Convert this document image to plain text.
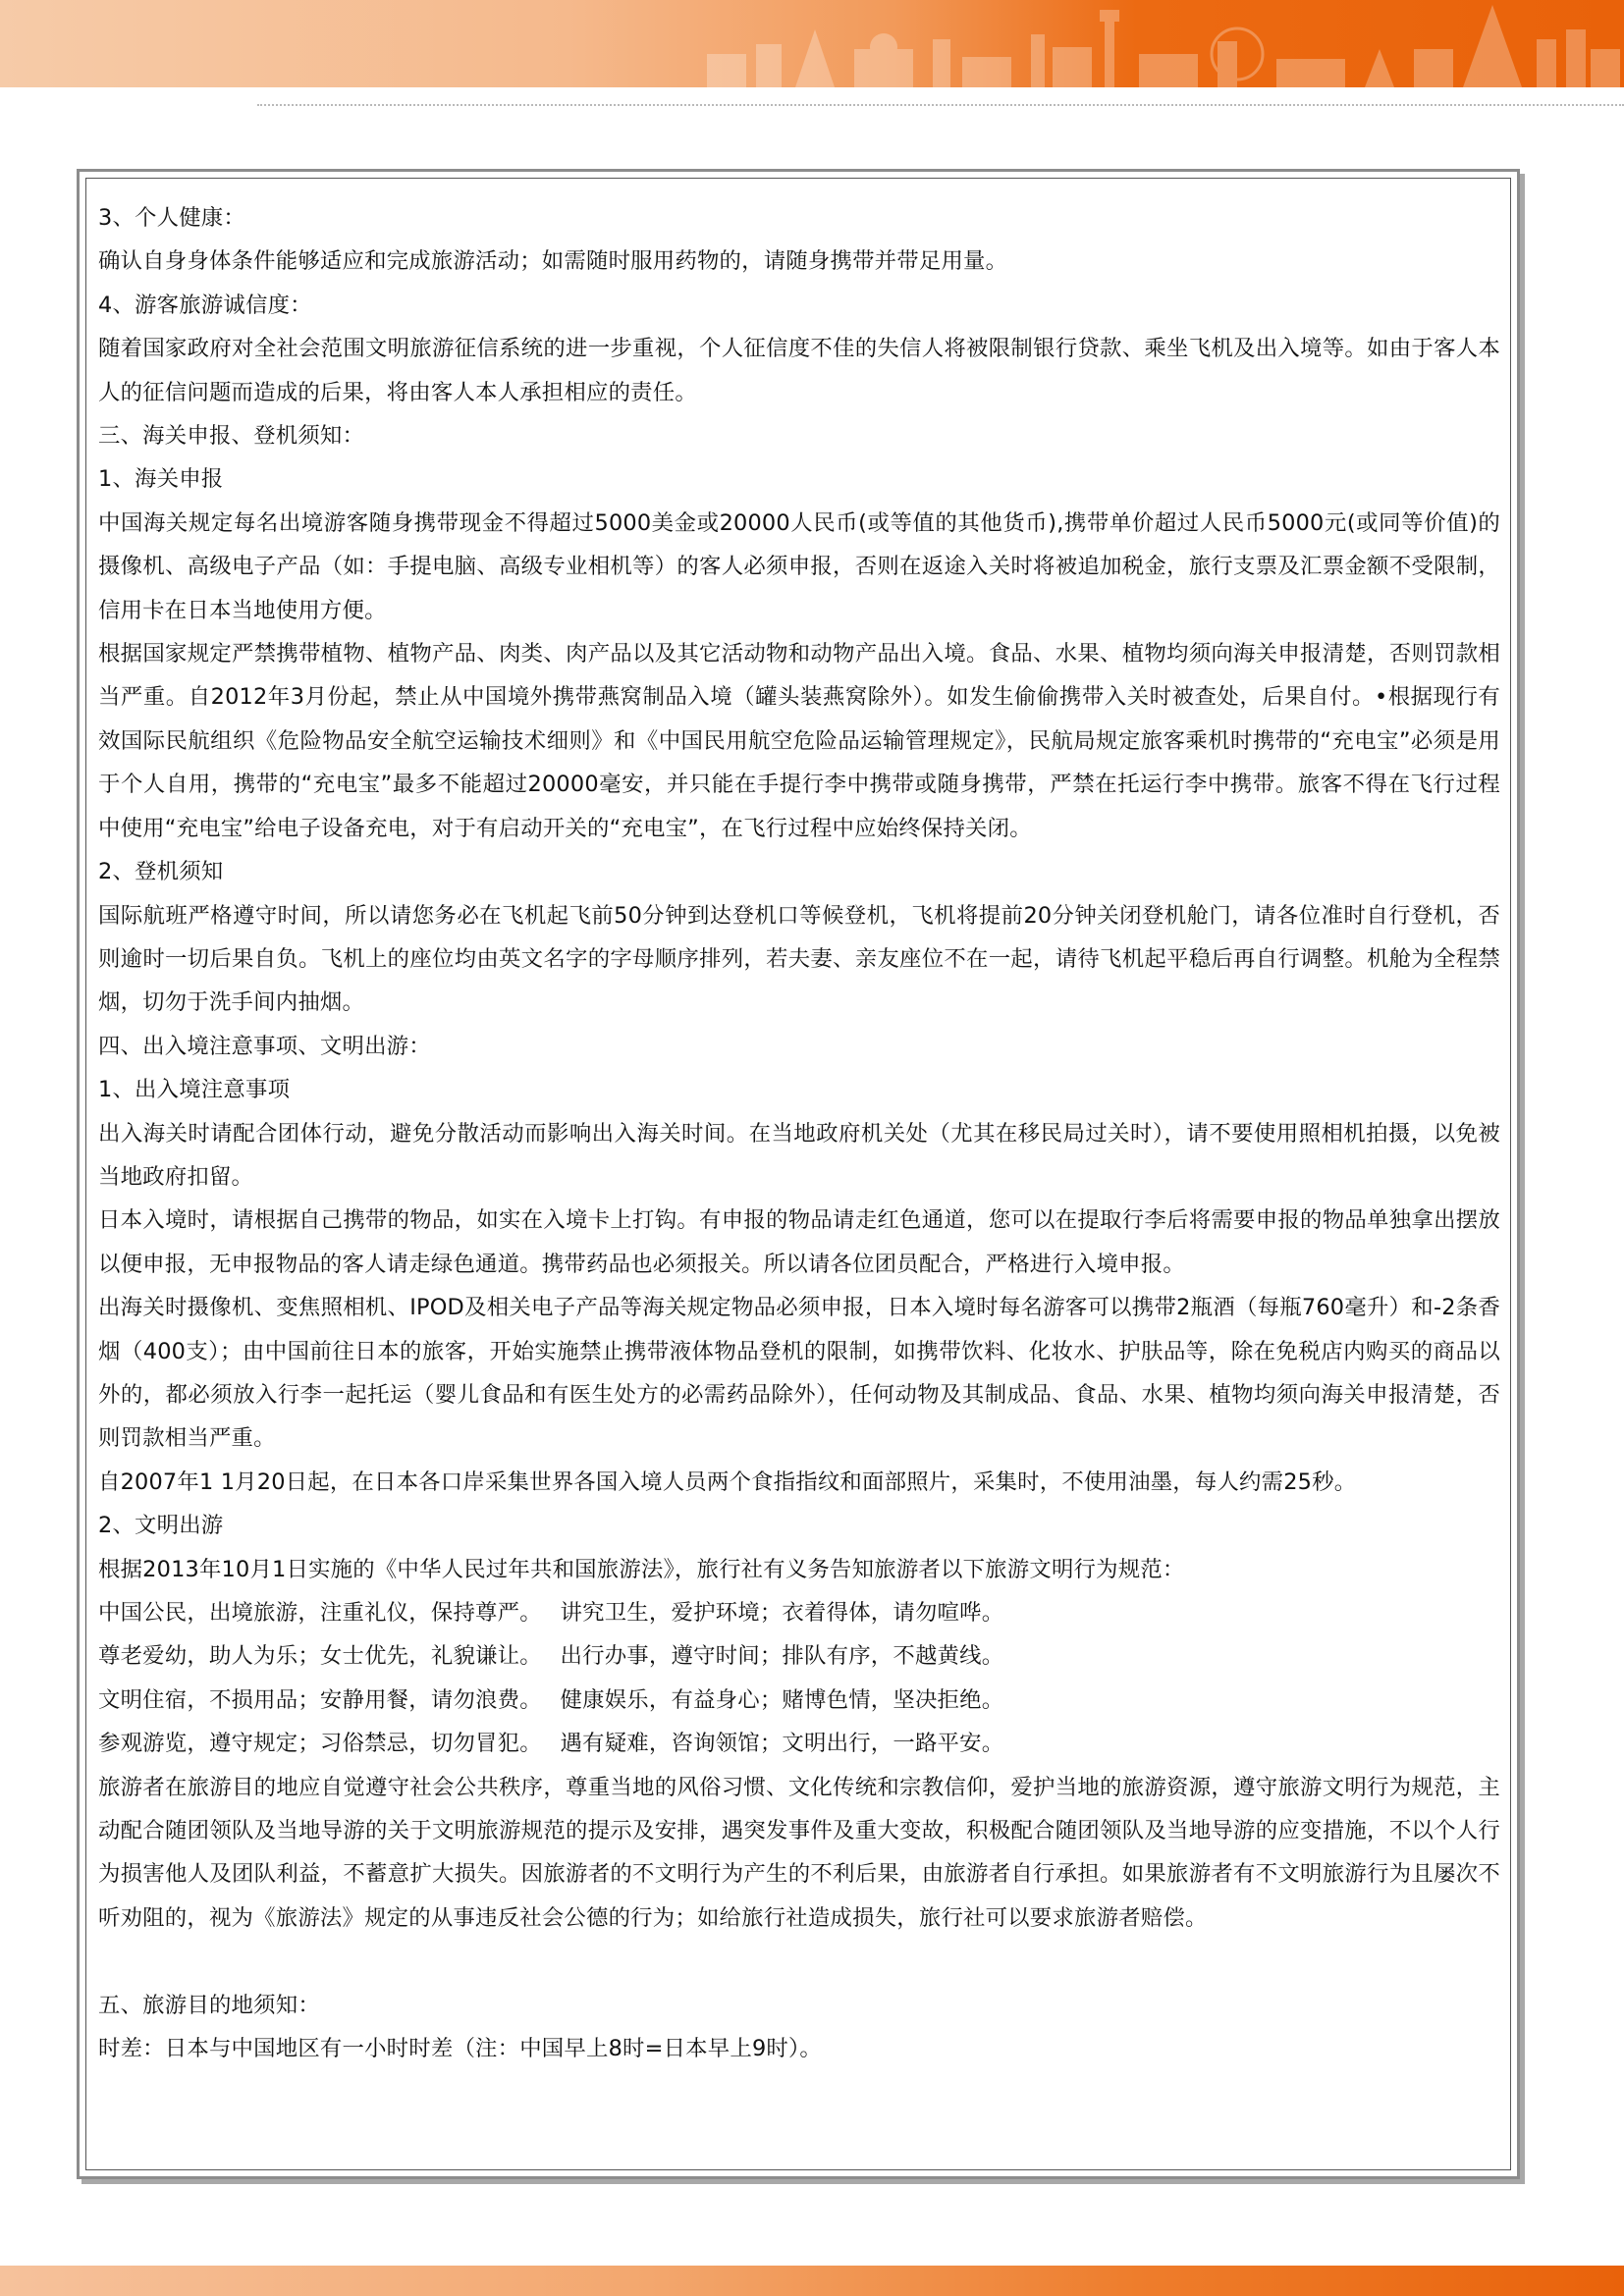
3、个人健康：

确认自身身体条件能够适应和完成旅游活动；如需随时服用药物的，请随身携带并带足用量。

4、游客旅游诚信度：

随着国家政府对全社会范围文明旅游征信系统的进一步重视，个人征信度不佳的失信人将被限制银行贷款、乘坐飞机及出入境等。如由于客人本人的征信问题而造成的后果，将由客人本人承担相应的责任。

三、海关申报、登机须知：

1、海关申报

中国海关规定每名出境游客随身携带现金不得超过5000美金或20000人民币(或等值的其他货币),携带单价超过人民币5000元(或同等价值)的摄像机、高级电子产品（如：手提电脑、高级专业相机等）的客人必须申报，否则在返途入关时将被追加税金，旅行支票及汇票金额不受限制，信用卡在日本当地使用方便。

根据国家规定严禁携带植物、植物产品、肉类、肉产品以及其它活动物和动物产品出入境。食品、水果、植物均须向海关申报清楚，否则罚款相当严重。自2012年3月份起，禁止从中国境外携带燕窝制品入境（罐头装燕窝除外）。如发生偷偷携带入关时被查处，后果自付。•根据现行有效国际民航组织《危险物品安全航空运输技术细则》和《中国民用航空危险品运输管理规定》，民航局规定旅客乘机时携带的“充电宝”必须是用于个人自用，携带的“充电宝”最多不能超过20000毫安，并只能在手提行李中携带或随身携带，严禁在托运行李中携带。旅客不得在飞行过程中使用“充电宝”给电子设备充电，对于有启动开关的“充电宝”，在飞行过程中应始终保持关闭。

2、登机须知

国际航班严格遵守时间，所以请您务必在飞机起飞前50分钟到达登机口等候登机，飞机将提前20分钟关闭登机舱门，请各位准时自行登机，否则逾时一切后果自负。飞机上的座位均由英文名字的字母顺序排列，若夫妻、亲友座位不在一起，请待飞机起平稳后再自行调整。机舱为全程禁烟，切勿于洗手间内抽烟。

四、出入境注意事项、文明出游：

1、出入境注意事项

出入海关时请配合团体行动，避免分散活动而影响出入海关时间。在当地政府机关处（尤其在移民局过关时），请不要使用照相机拍摄，以免被当地政府扣留。

日本入境时，请根据自己携带的物品，如实在入境卡上打钩。有申报的物品请走红色通道，您可以在提取行李后将需要申报的物品单独拿出摆放以便申报，无申报物品的客人请走绿色通道。携带药品也必须报关。所以请各位团员配合，严格进行入境申报。

出海关时摄像机、变焦照相机、IPOD及相关电子产品等海关规定物品必须申报，日本入境时每名游客可以携带2瓶酒（每瓶760毫升）和-2条香烟（400支）；由中国前往日本的旅客，开始实施禁止携带液体物品登机的限制，如携带饮料、化妆水、护肤品等，除在免税店内购买的商品以外的，都必须放入行李一起托运（婴儿食品和有医生处方的必需药品除外），任何动物及其制成品、食品、水果、植物均须向海关申报清楚，否则罚款相当严重。

自2007年1 1月20日起，在日本各口岸采集世界各国入境人员两个食指指纹和面部照片，采集时，不使用油墨，每人约需25秒。

2、文明出游

根据2013年10月1日实施的《中华人民过年共和国旅游法》，旅行社有义务告知旅游者以下旅游文明行为规范：

中国公民，出境旅游，注重礼仪，保持尊严。　 讲究卫生，爱护环境；衣着得体，请勿喧哗。

尊老爱幼，助人为乐；女士优先，礼貌谦让。　 出行办事，遵守时间；排队有序，不越黄线。

文明住宿，不损用品；安静用餐，请勿浪费。　 健康娱乐，有益身心；赌博色情，坚决拒绝。

参观游览，遵守规定；习俗禁忌，切勿冒犯。　 遇有疑难，咨询领馆；文明出行，一路平安。

旅游者在旅游目的地应自觉遵守社会公共秩序，尊重当地的风俗习惯、文化传统和宗教信仰，爱护当地的旅游资源，遵守旅游文明行为规范，主动配合随团领队及当地导游的关于文明旅游规范的提示及安排，遇突发事件及重大变故，积极配合随团领队及当地导游的应变措施，不以个人行为损害他人及团队利益，不蓄意扩大损失。因旅游者的不文明行为产生的不利后果，由旅游者自行承担。如果旅游者有不文明旅游行为且屡次不听劝阻的，视为《旅游法》规定的从事违反社会公德的行为；如给旅行社造成损失，旅行社可以要求旅游者赔偿。

五、旅游目的地须知：

时差：日本与中国地区有一小时时差（注：中国早上8时=日本早上9时）。
